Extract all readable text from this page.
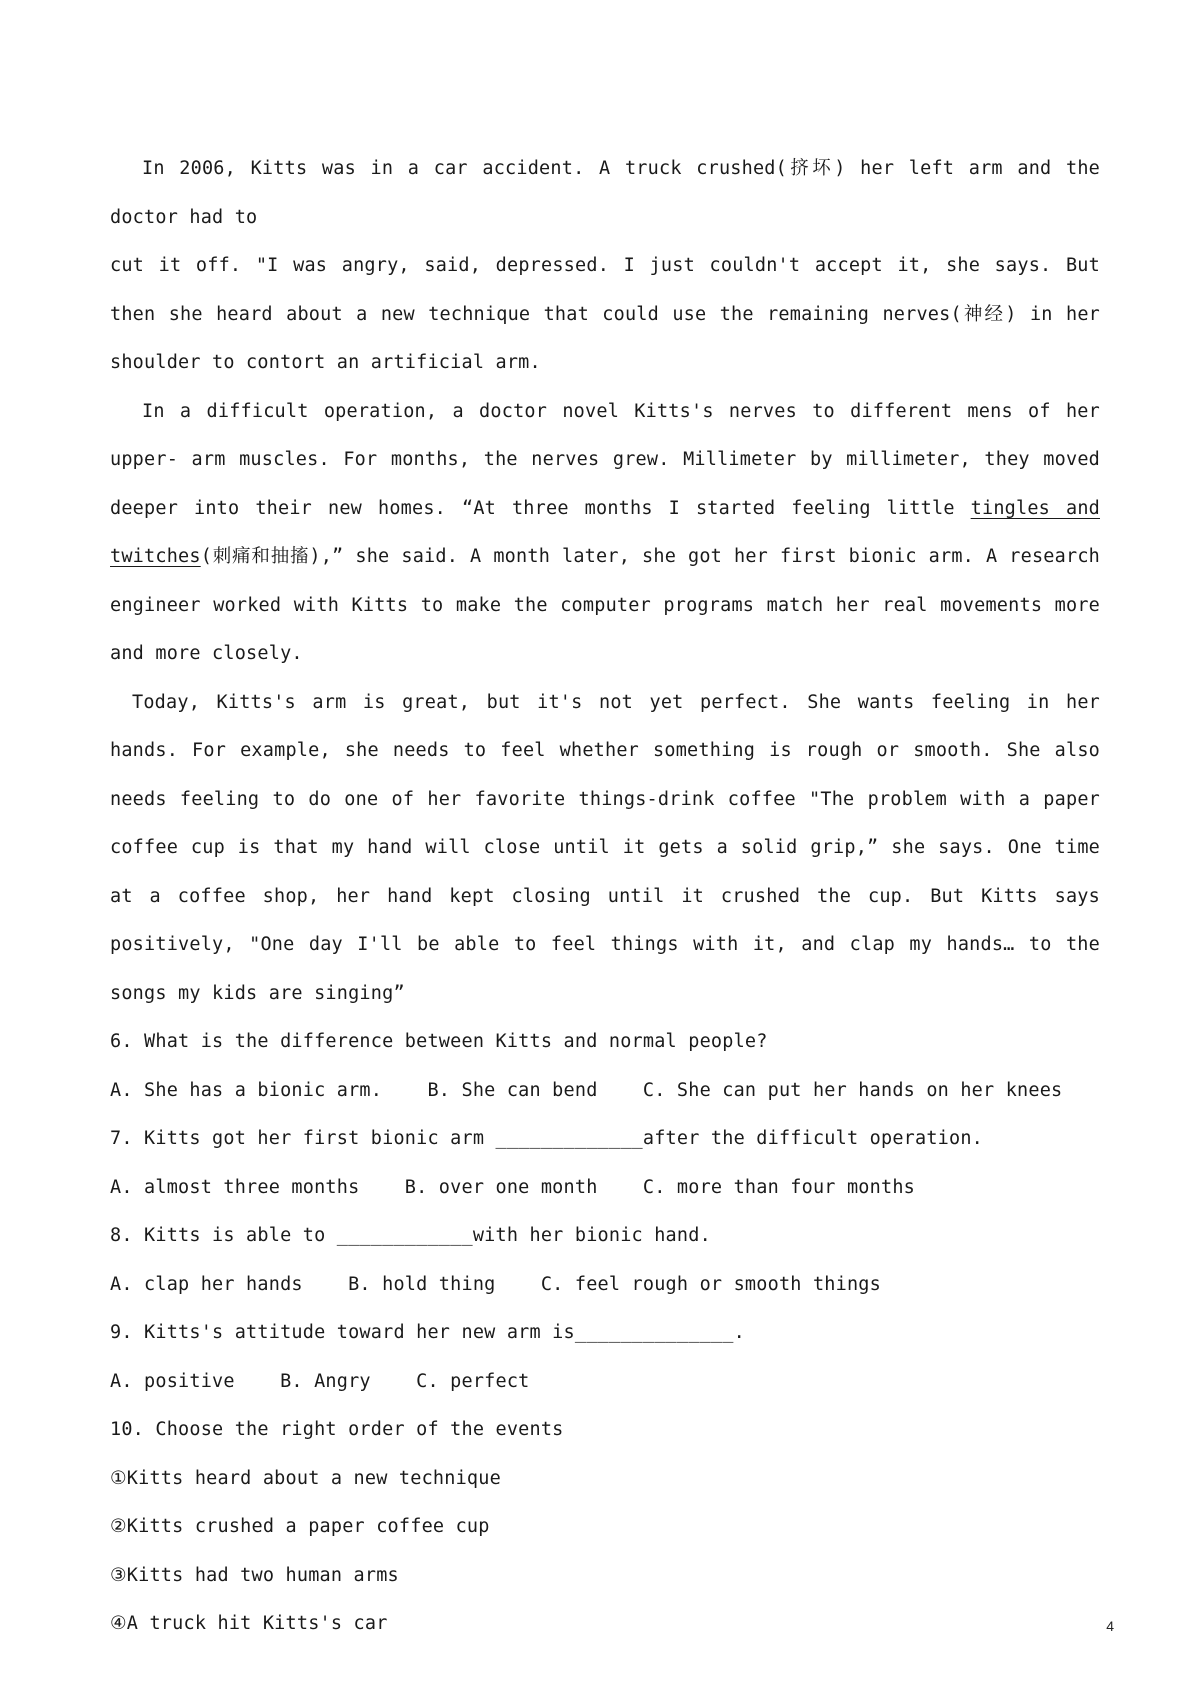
In 2006, Kitts was in a car accident. A truck crushed(挤坏) her left arm and the doctor had to

cut it off. "I was angry, said, depressed. I just couldn't accept it, she says. But then she heard about a new technique that could use the remaining nerves(神经) in her shoulder to contort an artificial arm.

In a difficult operation, a doctor novel Kitts's nerves to different mens of her upper- arm muscles. For months, the nerves grew. Millimeter by millimeter, they moved deeper into their new homes. “At three months I started feeling little tingles and twitches(刺痛和抽搐),” she said. A month later, she got her first bionic arm. A research engineer worked with Kitts to make the computer programs match her real movements more and more closely.

Today, Kitts's arm is great, but it's not yet perfect. She wants feeling in her hands. For example, she needs to feel whether something is rough or smooth. She also needs feeling to do one of her favorite things-drink coffee "The problem with a paper coffee cup is that my hand will close until it gets a solid grip,” she says. One time at a coffee shop, her hand kept closing until it crushed the cup. But Kitts says positively, "One day I'll be able to feel things with it, and clap my hands… to the songs my kids are singing”

6. What is the difference between Kitts and normal people?

A. She has a bionic arm.    B. She can bend    C. She can put her hands on her knees

7. Kitts got her first bionic arm _____________after the difficult operation.

A. almost three months    B. over one month    C. more than four months

8. Kitts is able to ____________with her bionic hand.

A. clap her hands    B. hold thing    C. feel rough or smooth things

9. Kitts's attitude toward her new arm is______________.

A. positive    B. Angry    C. perfect

10. Choose the right order of the events

①Kitts heard about a new technique

②Kitts crushed a paper coffee cup

③Kitts had two human arms

④A truck hit Kitts's car	4
